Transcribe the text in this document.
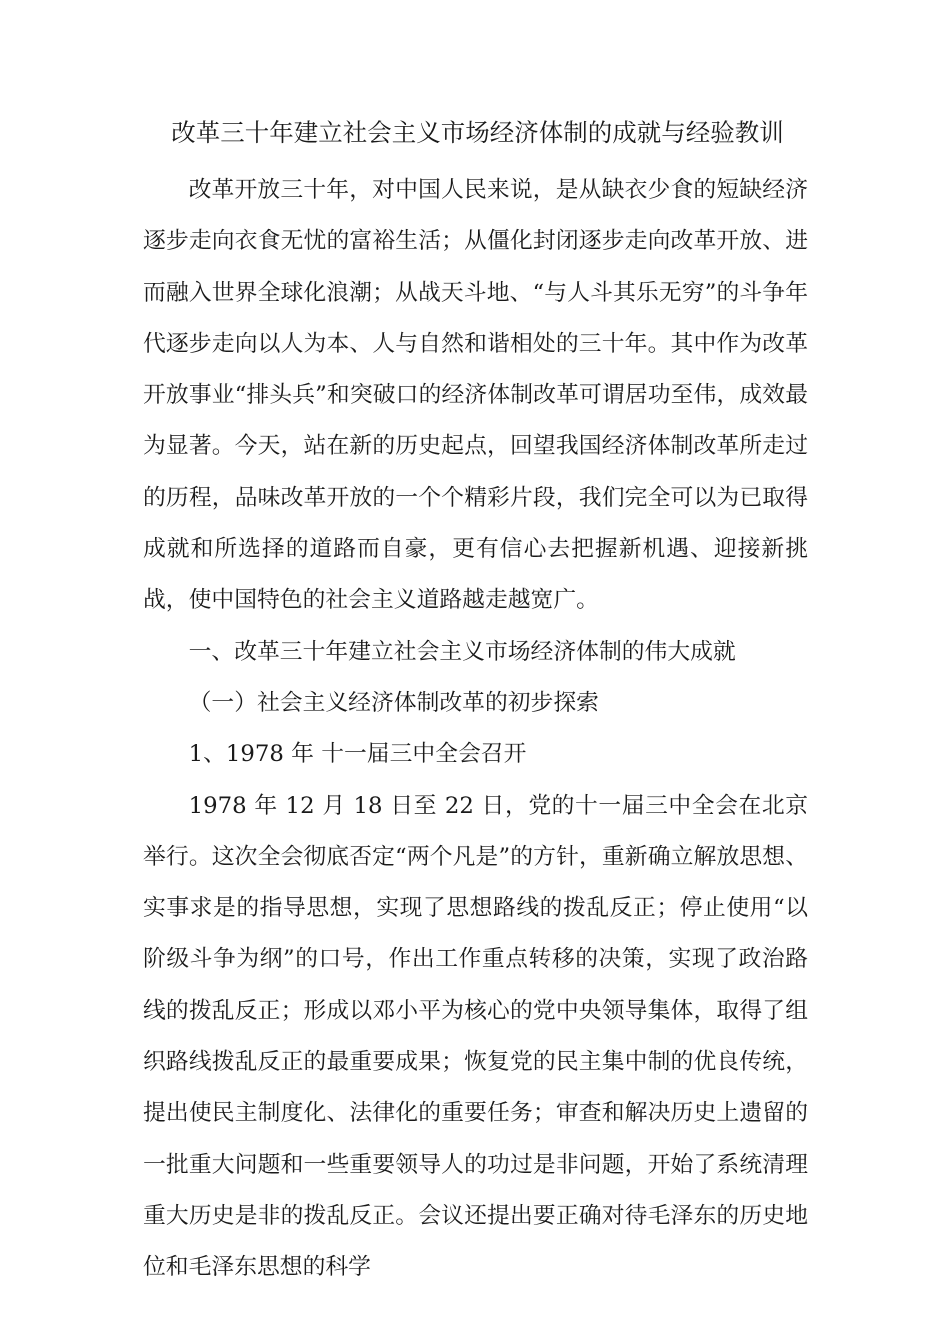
改革三十年建立社会主义市场经济体制的成就与经验教训

改革开放三十年，对中国人民来说，是从缺衣少食的短缺经济逐步走向衣食无忧的富裕生活；从僵化封闭逐步走向改革开放、进而融入世界全球化浪潮；从战天斗地、“与人斗其乐无穷”的斗争年代逐步走向以人为本、人与自然和谐相处的三十年。其中作为改革开放事业“排头兵”和突破口的经济体制改革可谓居功至伟，成效最为显著。今天，站在新的历史起点，回望我国经济体制改革所走过的历程，品味改革开放的一个个精彩片段，我们完全可以为已取得成就和所选择的道路而自豪，更有信心去把握新机遇、迎接新挑战，使中国特色的社会主义道路越走越宽广。

一、改革三十年建立社会主义市场经济体制的伟大成就

（一）社会主义经济体制改革的初步探索

1、1978 年 十一届三中全会召开

1978 年 12 月 18 日至 22 日，党的十一届三中全会在北京举行。这次全会彻底否定“两个凡是”的方针，重新确立解放思想、实事求是的指导思想，实现了思想路线的拨乱反正；停止使用“以阶级斗争为纲”的口号，作出工作重点转移的决策，实现了政治路线的拨乱反正；形成以邓小平为核心的党中央领导集体，取得了组织路线拨乱反正的最重要成果；恢复党的民主集中制的优良传统，提出使民主制度化、法律化的重要任务；审查和解决历史上遗留的一批重大问题和一些重要领导人的功过是非问题，开始了系统清理重大历史是非的拨乱反正。会议还提出要正确对待毛泽东的历史地位和毛泽东思想的科学
